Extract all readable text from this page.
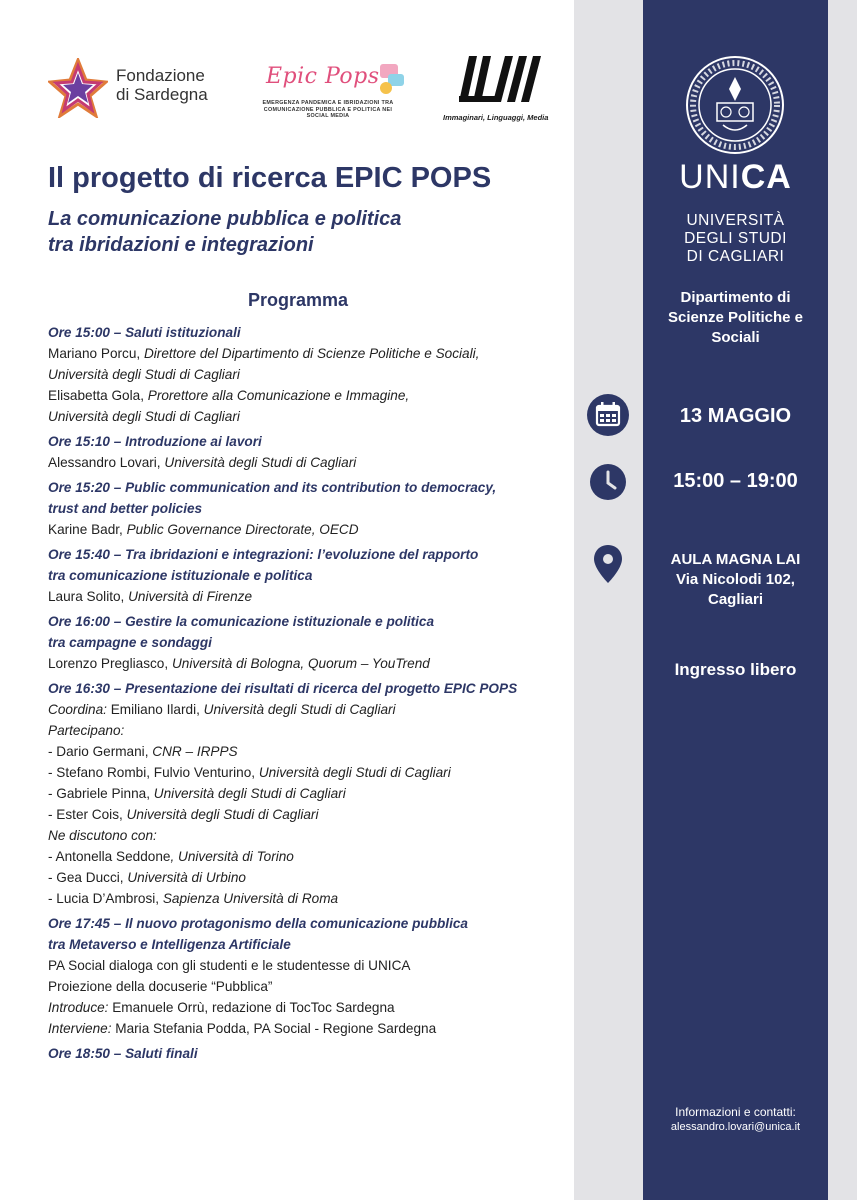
UNICA
UNIVERSITÀ
DEGLI STUDI
DI CAGLIARI
Dipartimento di
Scienze Politiche e
Sociali
13 MAGGIO
15:00 – 19:00
AULA MAGNA LAI
Via Nicolodi 102,
Cagliari
Ingresso libero
Informazioni e contatti:
alessandro.lovari@unica.it
Fondazione
di Sardegna
Epic Pops
EMERGENZA PANDEMICA E IBRIDAZIONI TRA COMUNICAZIONE PUBBLICA E POLITICA NEI SOCIAL MEDIA	Immaginari, Linguaggi, Media
Il progetto di ricerca EPIC POPS
La comunicazione pubblica e politica
tra ibridazioni e integrazioni
Programma
Ore 15:00 – Saluti istituzionali
Mariano Porcu, Direttore del Dipartimento di Scienze Politiche e Sociali,
Università degli Studi di Cagliari
Elisabetta Gola, Prorettore alla Comunicazione e Immagine,
Università degli Studi di Cagliari
Ore 15:10 – Introduzione ai lavori
Alessandro Lovari, Università degli Studi di Cagliari
Ore 15:20 – Public communication and its contribution to democracy,
trust and better policies
Karine Badr, Public Governance Directorate, OECD
Ore 15:40 – Tra ibridazioni e integrazioni: l’evoluzione del rapporto
tra comunicazione istituzionale e politica
Laura Solito, Università di Firenze
Ore 16:00 – Gestire la comunicazione istituzionale e politica
tra campagne e sondaggi
Lorenzo Pregliasco, Università di Bologna, Quorum – YouTrend
Ore 16:30 – Presentazione dei risultati di ricerca del progetto EPIC POPS
Coordina: Emiliano Ilardi, Università degli Studi di Cagliari
Partecipano:
- Dario Germani, CNR – IRPPS
- Stefano Rombi, Fulvio Venturino, Università degli Studi di Cagliari
- Gabriele Pinna, Università degli Studi di Cagliari
- Ester Cois, Università degli Studi di Cagliari
Ne discutono con:
- Antonella Seddone, Università di Torino
- Gea Ducci, Università di Urbino
- Lucia D’Ambrosi, Sapienza Università di Roma
Ore 17:45 – Il nuovo protagonismo della comunicazione pubblica
tra Metaverso e Intelligenza Artificiale
PA Social dialoga con gli studenti e le studentesse di UNICA
Proiezione della docuserie “Pubblica”
Introduce: Emanuele Orrù, redazione di TocToc Sardegna
Interviene: Maria Stefania Podda, PA Social - Regione Sardegna
Ore 18:50 – Saluti finali
